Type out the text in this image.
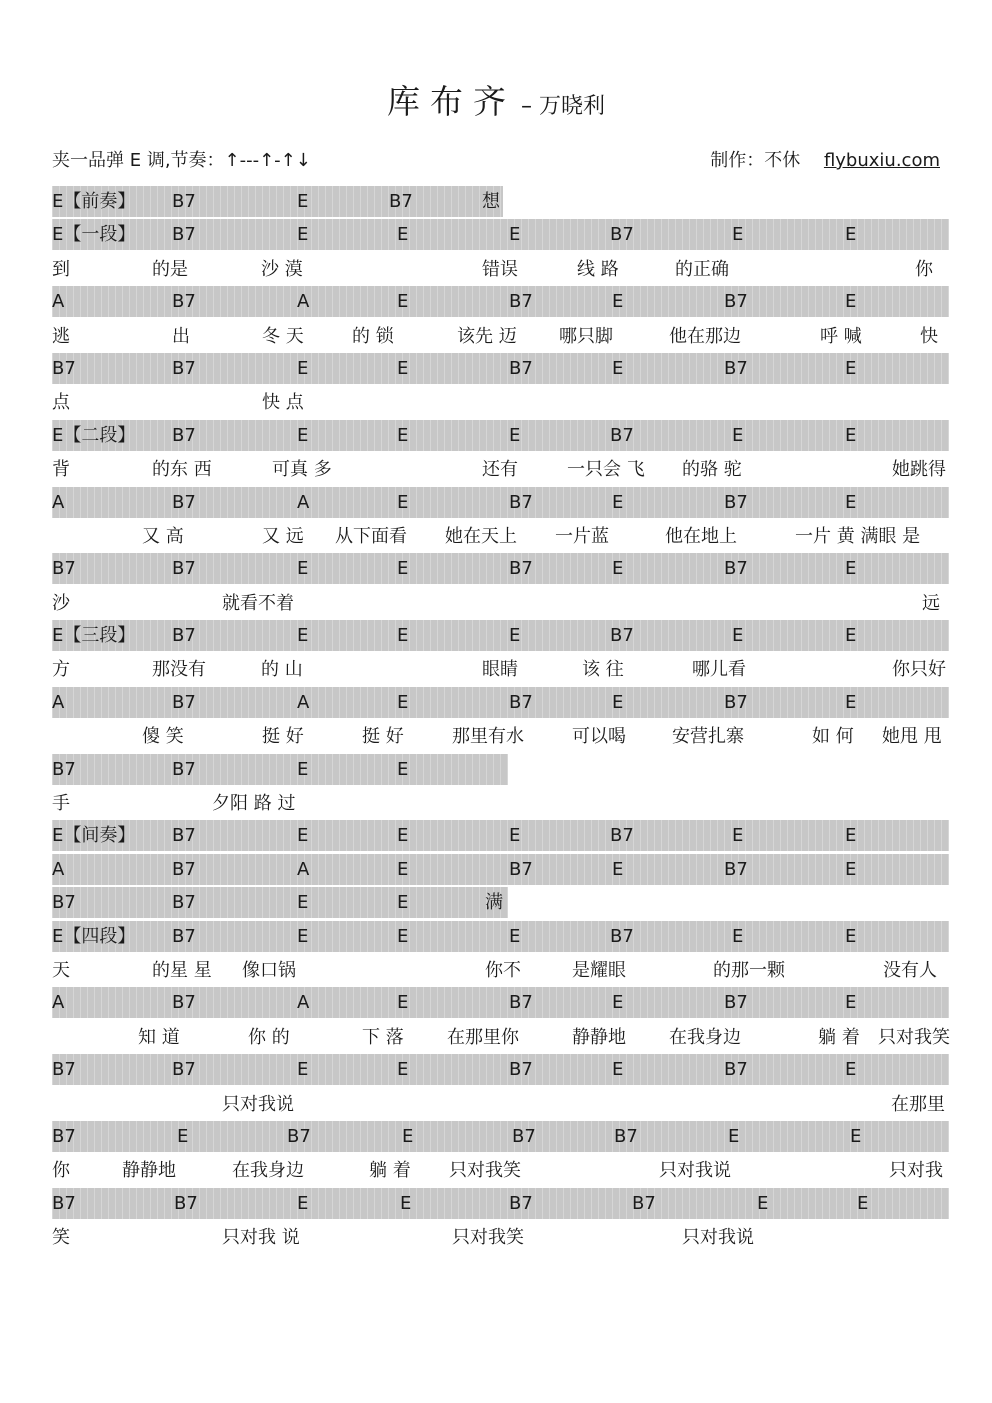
库布齐 – 万晓利
夹一品弹 E 调,节奏：↑---↑-↑↓	制作：不休 flybuxiu.com
E【前奏】 B7	E	B7	想
E【一段】 B7	E	E	E	B7	E	E
到	的是	沙 漠	错误	线 路	的正确	你
A	B7	A	E	B7	E	B7	E
逃	出	冬 天	的 锁	该先 迈 哪只脚	他在那边	呼 喊	快
B7	B7	E	E	B7	E	B7	E
点	快 点
E【二段】 B7	E	E	E	B7	E	E
背	的东 西	可真 多	还有	一只会 飞 的骆 驼	她跳得
A	B7	A	E	B7	E	B7	E
又 高	又 远 从下面看 她在天上 一片蓝	他在地上	一片 黄 满眼 是
B7	B7	E	E	B7	E	B7	E
沙	就看不着	远
E【三段】 B7	E	E	E	B7	E	E
方	那没有	的 山	眼睛	该 往	哪儿看	你只好
A	B7	A	E	B7	E	B7	E
傻 笑	挺 好	挺 好	那里有水	可以喝	安营扎寨	如 何 她甩 甩
B7	B7	E	E
手	夕阳 路 过
E【间奏】 B7	E	E	E	B7	E	E
A	B7	A	E	B7	E	B7	E
B7	B7	E	E	满
E【四段】 B7	E	E	E	B7	E	E
天	的星 星 像口锅	你不	是耀眼	的那一颗	没有人
A	B7	A	E	B7	E	B7	E
知 道	你 的	下 落 在那里你	静静地 在我身边	躺 着 只对我笑
B7	B7	E	E	B7	E	B7	E
只对我说	在那里
B7	E	B7	E	B7	B7	E	E
你	静静地	在我身边	躺 着 只对我笑	只对我说	只对我
B7	B7	E	E	B7	B7	E	E
笑	只对我 说	只对我笑	只对我说
